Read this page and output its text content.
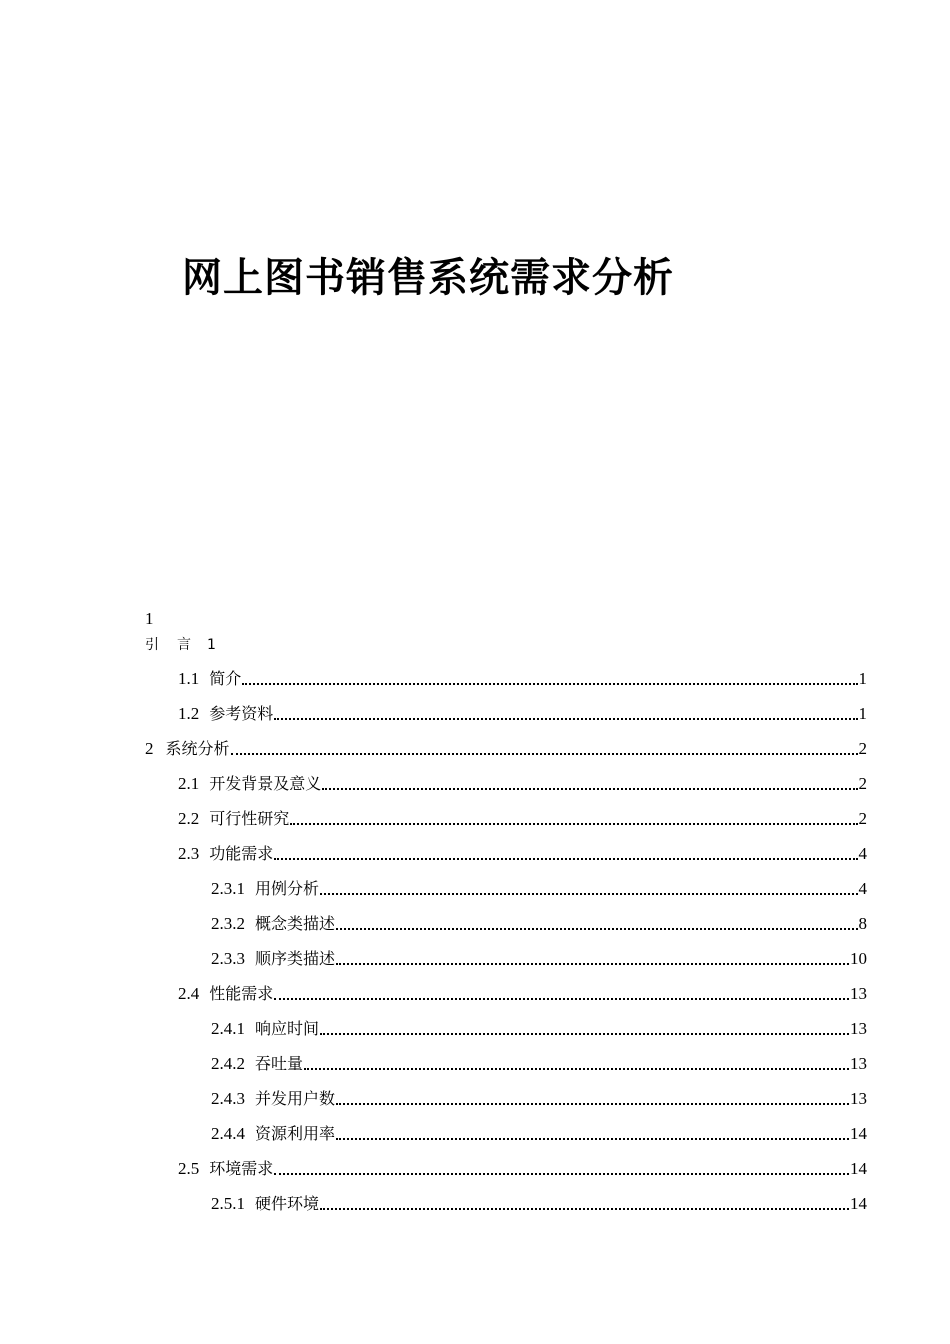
网上图书销售系统需求分析
1
引 言 1
1.1 简介	1
1.2 参考资料	1
2 系统分析	2
2.1 开发背景及意义	2
2.2 可行性研究	2
2.3 功能需求	4
2.3.1 用例分析	4
2.3.2 概念类描述	8
2.3.3 顺序类描述	10
2.4 性能需求	13
2.4.1 响应时间	13
2.4.2 吞吐量	13
2.4.3 并发用户数	13
2.4.4 资源利用率	14
2.5 环境需求	14
2.5.1 硬件环境	14
